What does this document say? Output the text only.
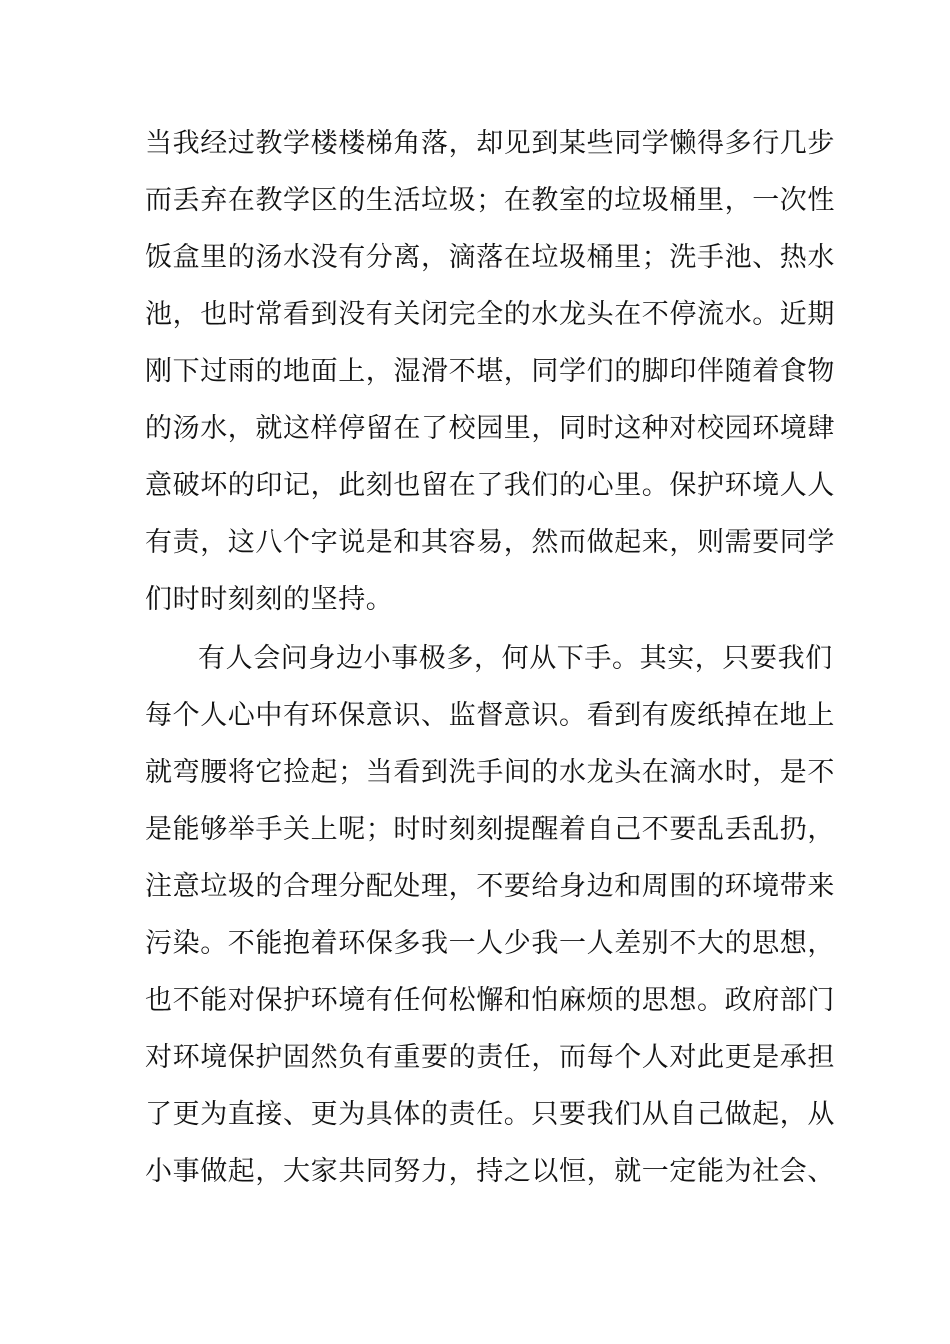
当我经过教学楼楼梯角落，却见到某些同学懒得多行几步
而丢弃在教学区的生活垃圾；在教室的垃圾桶里，一次性
饭盒里的汤水没有分离，滴落在垃圾桶里；洗手池、热水
池，也时常看到没有关闭完全的水龙头在不停流水。近期
刚下过雨的地面上，湿滑不堪，同学们的脚印伴随着食物
的汤水，就这样停留在了校园里，同时这种对校园环境肆
意破坏的印记，此刻也留在了我们的心里。保护环境人人
有责，这八个字说是和其容易，然而做起来，则需要同学
们时时刻刻的坚持。
有人会问身边小事极多，何从下手。其实，只要我们
每个人心中有环保意识、监督意识。看到有废纸掉在地上
就弯腰将它捡起；当看到洗手间的水龙头在滴水时，是不
是能够举手关上呢；时时刻刻提醒着自己不要乱丢乱扔，
注意垃圾的合理分配处理，不要给身边和周围的环境带来
污染。不能抱着环保多我一人少我一人差别不大的思想，
也不能对保护环境有任何松懈和怕麻烦的思想。政府部门
对环境保护固然负有重要的责任，而每个人对此更是承担
了更为直接、更为具体的责任。只要我们从自己做起，从
小事做起，大家共同努力，持之以恒，就一定能为社会、
